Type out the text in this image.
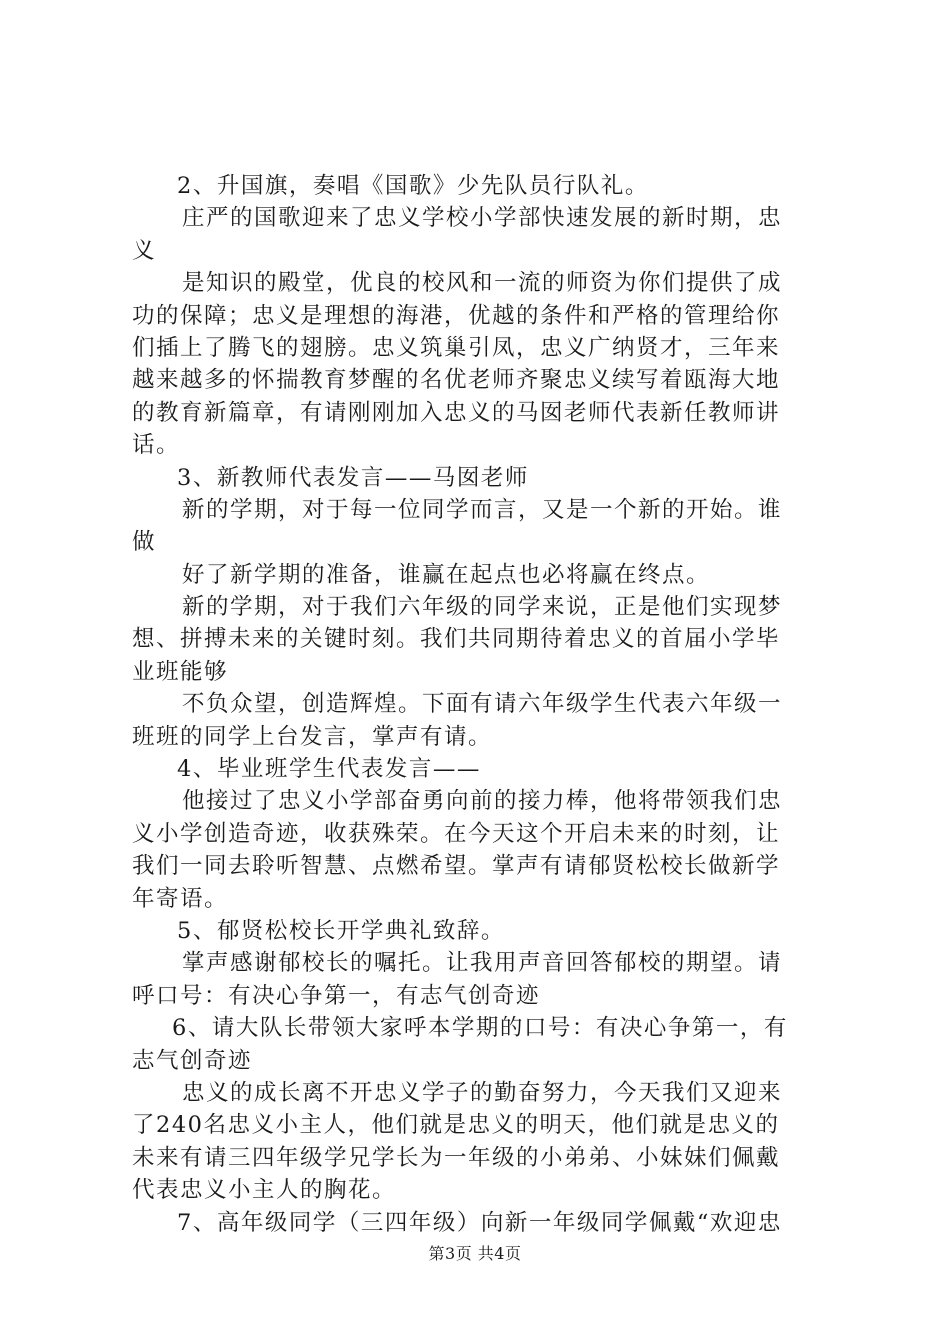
2、升国旗，奏唱《国歌》少先队员行队礼。
庄严的国歌迎来了忠义学校小学部快速发展的新时期，忠
义
是知识的殿堂，优良的校风和一流的师资为你们提供了成
功的保障；忠义是理想的海港，优越的条件和严格的管理给你
们插上了腾飞的翅膀。忠义筑巢引凤，忠义广纳贤才，三年来
越来越多的怀揣教育梦醒的名优老师齐聚忠义续写着瓯海大地
的教育新篇章，有请刚刚加入忠义的马囡老师代表新任教师讲
话。
3、新教师代表发言——马囡老师
新的学期，对于每一位同学而言，又是一个新的开始。谁
做
好了新学期的准备，谁赢在起点也必将赢在终点。
新的学期，对于我们六年级的同学来说，正是他们实现梦
想、拼搏未来的关键时刻。我们共同期待着忠义的首届小学毕
业班能够
不负众望，创造辉煌。下面有请六年级学生代表六年级一
班班的同学上台发言，掌声有请。
4、毕业班学生代表发言——
他接过了忠义小学部奋勇向前的接力棒，他将带领我们忠
义小学创造奇迹，收获殊荣。在今天这个开启未来的时刻，让
我们一同去聆听智慧、点燃希望。掌声有请郁贤松校长做新学
年寄语。
5、郁贤松校长开学典礼致辞。
掌声感谢郁校长的嘱托。让我用声音回答郁校的期望。请
呼口号：有决心争第一，有志气创奇迹
6、请大队长带领大家呼本学期的口号：有决心争第一，有
志气创奇迹
忠义的成长离不开忠义学子的勤奋努力，今天我们又迎来
了240名忠义小主人，他们就是忠义的明天，他们就是忠义的
未来有请三四年级学兄学长为一年级的小弟弟、小妹妹们佩戴
代表忠义小主人的胸花。
7、高年级同学（三四年级）向新一年级同学佩戴“欢迎忠
第3页 共4页
